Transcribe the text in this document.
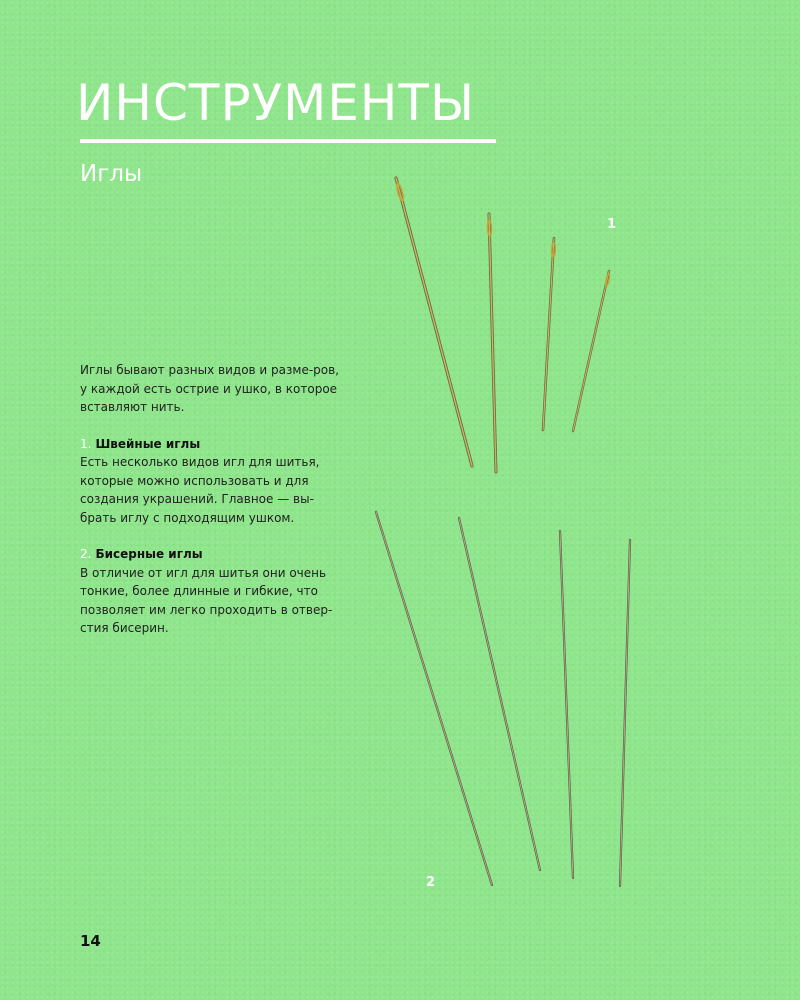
ИНСТРУМЕНТЫ
Иглы

Иглы бывают разных видов и разме-ров, у каждой есть острие и ушко, в которое вставляют нить.

1. Швейные иглы

Есть несколько видов игл для шитья, которые можно использовать и для создания украшений. Главное — вы-брать иглу с подходящим ушком.

2. Бисерные иглы

В отличие от игл для шитья они очень тонкие, более длинные и гибкие, что позволяет им легко проходить в отвер-стия бисерин.

1
2
14
